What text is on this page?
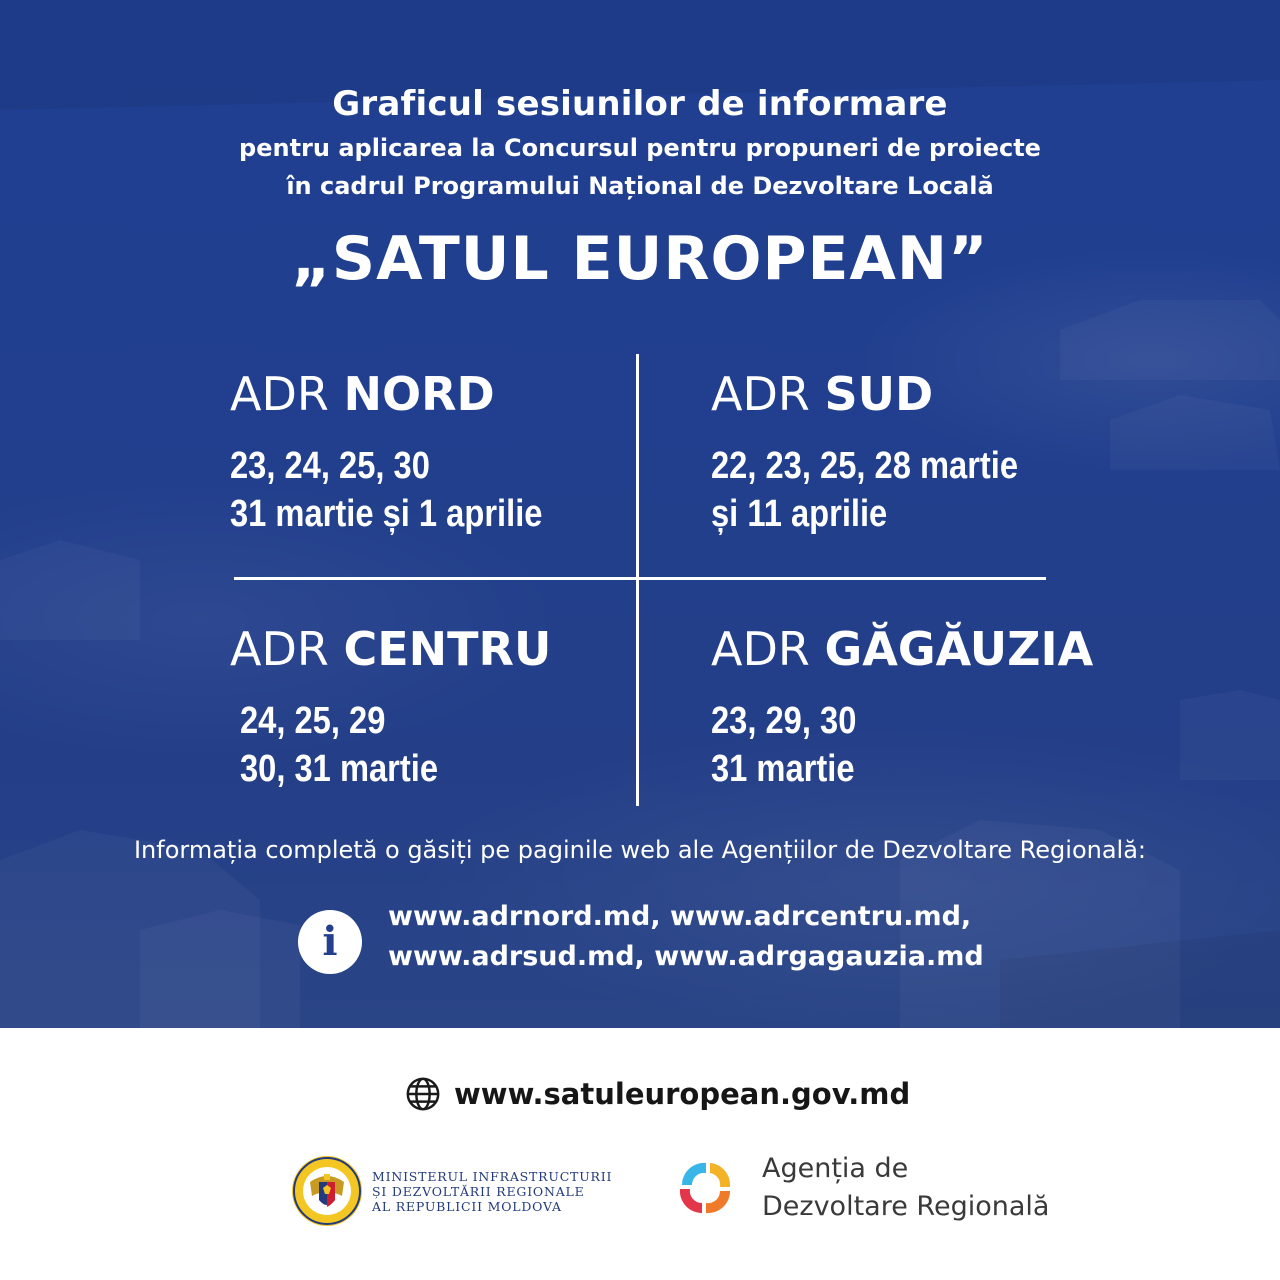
Graficul sesiunilor de informare
pentru aplicarea la Concursul pentru propuneri de proiecte
în cadrul Programului Național de Dezvoltare Locală
„SATUL EUROPEAN”
ADR NORD
23, 24, 25, 30
31 martie și 1 aprilie
ADR SUD
22, 23, 25, 28 martie
și 11 aprilie
ADR CENTRU
24, 25, 29
30, 31 martie
ADR GĂGĂUZIA
23, 29, 30
31 martie
Informația completă o găsiți pe paginile web ale Agențiilor de Dezvoltare Regională:
i
www.adrnord.md, www.adrcentru.md,
www.adrsud.md, www.adrgagauzia.md
www.satuleuropean.gov.md
MINISTERUL INFRASTRUCTURII
ȘI DEZVOLTĂRII REGIONALE
AL REPUBLICII MOLDOVA
Agenția de
Dezvoltare Regională
